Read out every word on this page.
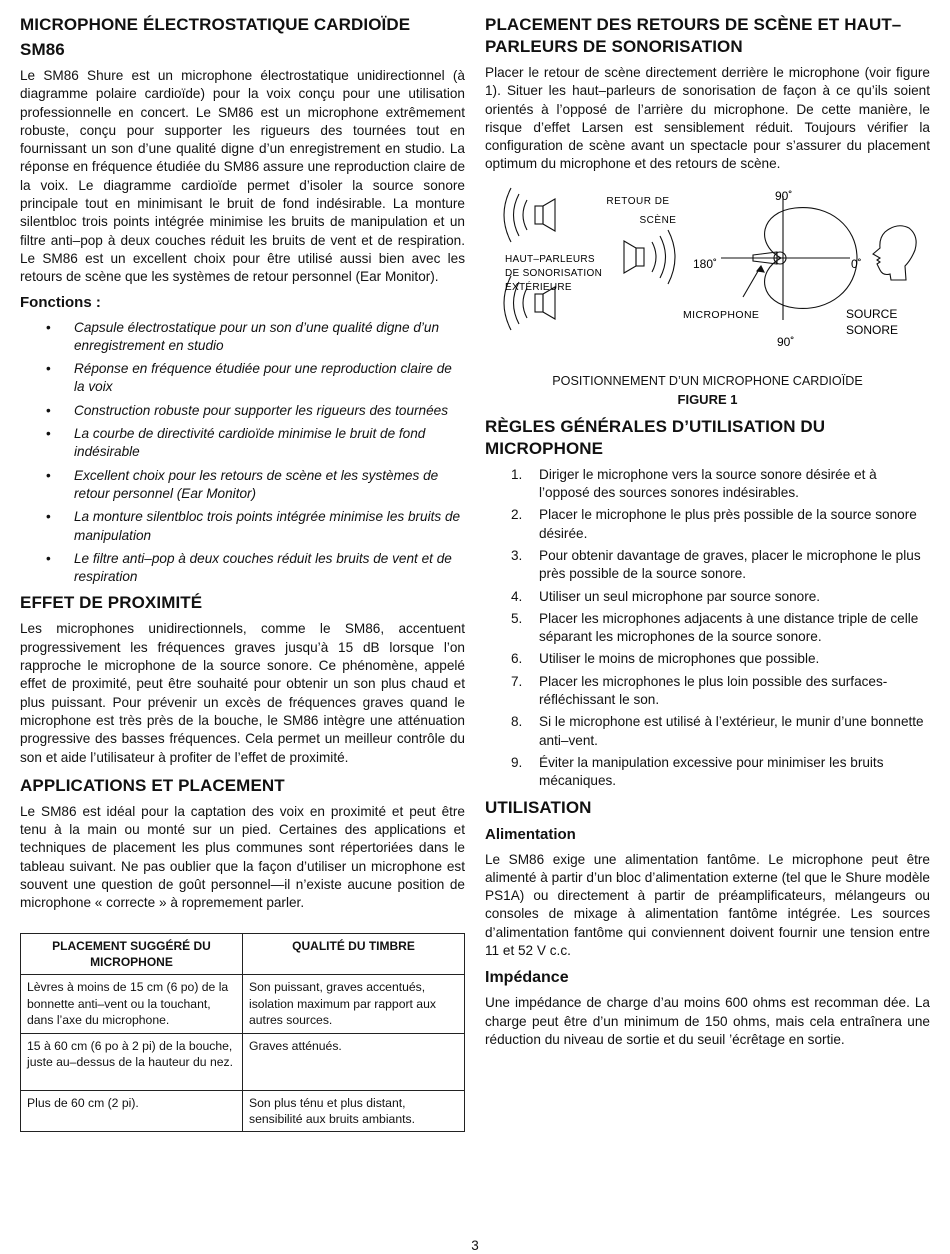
MICROPHONE ÉLECTROSTATIQUE CARDIOÏDE
SM86

Le SM86 Shure est un microphone électrostatique unidirectionnel (à diagramme polaire cardioïde) pour la voix conçu pour une utilisation professionnelle en concert. Le SM86 est un microphone extrêmement robuste, conçu pour supporter les rigueurs des tournées tout en fournissant un son d’une qualité digne d’un enregistrement en studio. La réponse en fréquence étudiée du SM86 assure une reproduction claire de la voix. Le diagramme cardioïde permet d’isoler la source sonore principale tout en minimisant le bruit de fond indésirable. La monture silentbloc trois points intégrée minimise les bruits de manipulation et un filtre anti–pop à deux couches réduit les bruits de vent et de respiration. Le SM86 est un excellent choix pour être utilisé aussi bien avec les retours de scène que les systèmes de retour personnel (Ear Monitor).

Fonctions :
• Capsule électrostatique pour un son d’une qualité digne d’un enregistrement en studio
• Réponse en fréquence étudiée pour une reproduction claire de la voix
• Construction robuste pour supporter les rigueurs des tournées
• La courbe de directivité cardioïde minimise le bruit de fond indésirable
• Excellent choix pour les retours de scène et les systèmes de retour personnel (Ear Monitor)
• La monture silentbloc trois points intégrée minimise les bruits de manipulation
• Le filtre anti–pop à deux couches réduit les bruits de vent et de respiration
EFFET DE PROXIMITÉ

Les microphones unidirectionnels, comme le SM86, accentuent progressivement les fréquences graves jusqu’à 15 dB lorsque l’on rapproche le microphone de la source sonore. Ce phénomène, appelé effet de proximité, peut être souhaité pour obtenir un son plus chaud et plus puissant. Pour prévenir un excès de fréquences graves quand le microphone est très près de la bouche, le SM86 intègre une atténuation progressive des basses fréquences. Cela permet un meilleur contrôle du son et aide l’utilisateur à profiter de l’effet de proximité.

APPLICATIONS ET PLACEMENT

Le SM86 est idéal pour la captation des voix en proximité et peut être tenu à la main ou monté sur un pied. Certaines des applications et techniques de placement les plus communes sont répertoriées dans le tableau suivant. Ne pas oublier que la façon d’utiliser un microphone est souvent une question de goût personnel—il n’existe aucune position de microphone « correcte » à ropremement parler.

PLACEMENT SUGGÉRÉ DU MICROPHONE	QUALITÉ DU TIMBRE
Lèvres à moins de 15 cm (6 po) de la bonnette anti–vent ou la touchant, dans l’axe du microphone.	Son puissant, graves accentués, isolation maximum par rapport aux autres sources.
15 à 60 cm (6 po à 2 pi) de la bouche, juste au–dessus de la hauteur du nez.	Graves atténués.
Plus de 60 cm (2 pi).	Son plus ténu et plus distant, sensibilité aux bruits ambiants.
PLACEMENT DES RETOURS DE SCÈNE ET HAUT–PARLEURS DE SONORISATION

Placer le retour de scène directement derrière le microphone (voir figure 1). Situer les haut–parleurs de sonorisation de façon à ce qu’ils soient orientés à l’opposé de l’arrière du microphone. De cette manière, le risque d’effet Larsen est sensiblement réduit. Toujours vérifier la configuration de scène avant un spectacle pour s’assurer du placement optimum du microphone et des retours de scène.

RETOUR DE
SCÈNE
HAUT–PARLEURS
DE SONORISATION
EXTÉRIEURE
90˚
180˚	0˚
90˚
MICROPHONE	SOURCE
SONORE
POSITIONNEMENT D’UN MICROPHONE CARDIOÏDE
FIGURE 1
RÈGLES GÉNÉRALES D’UTILISATION DU MICROPHONE
1. Diriger le microphone vers la source sonore désirée et à l’opposé des sources sonores indésirables.
2. Placer le microphone le plus près possible de la source sonore désirée.
3. Pour obtenir davantage de graves, placer le microphone le plus près possible de la source sonore.
4. Utiliser un seul microphone par source sonore.
5. Placer les microphones adjacents à une distance triple de celle séparant les microphones de la source sonore.
6. Utiliser le moins de microphones que possible.
7. Placer les microphones le plus loin possible des surfaces- réfléchissant le son.
8. Si le microphone est utilisé à l’extérieur, le munir d’une bonnette anti–vent.
9. Éviter la manipulation excessive pour minimiser les bruits mécaniques.
UTILISATION
Alimentation

Le SM86 exige une alimentation fantôme. Le microphone peut être alimenté à partir d’un bloc d’alimentation externe (tel que le Shure modèle PS1A) ou directement à partir de préamplificateurs, mélangeurs ou consoles de mixage à alimentation fantôme intégrée. Les sources d’alimentation fantôme qui conviennent doivent fournir une tension entre 11 et 52 V c.c.

Impédance

Une impédance de charge d’au moins 600 ohms est recomman dée. La charge peut être d’un minimum de 150 ohms, mais cela entraînera une réduction du niveau de sortie et du seuil ’écrêtage en sortie.

3
